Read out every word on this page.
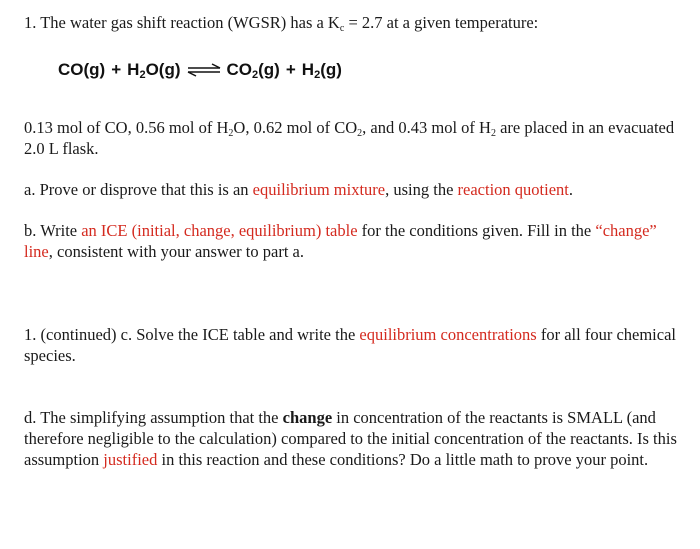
1. The water gas shift reaction (WGSR) has a $K_c = 2.7$ at a given temperature:

$CO(g) + H_2O(g)$ ⇌ $CO_2(g) + H_2(g)$

0.13 mol of CO, 0.56 mol of $H_2O$, 0.62 mol of $CO_2$, and 0.43 mol of $H_2$ are placed in an evacuated 2.0 L flask.

a. Prove or disprove that this is an equilibrium mixture, using the reaction quotient.

b. Write an ICE (initial, change, equilibrium) table for the conditions given. Fill in the “change” line, consistent with your answer to part a.

1. (continued) c. Solve the ICE table and write the equilibrium concentrations for all four chemical species.

d. The simplifying assumption that the change in concentration of the reactants is SMALL (and therefore negligible to the calculation) compared to the initial concentration of the reactants. Is this assumption justified in this reaction and these conditions? Do a little math to prove your point.
